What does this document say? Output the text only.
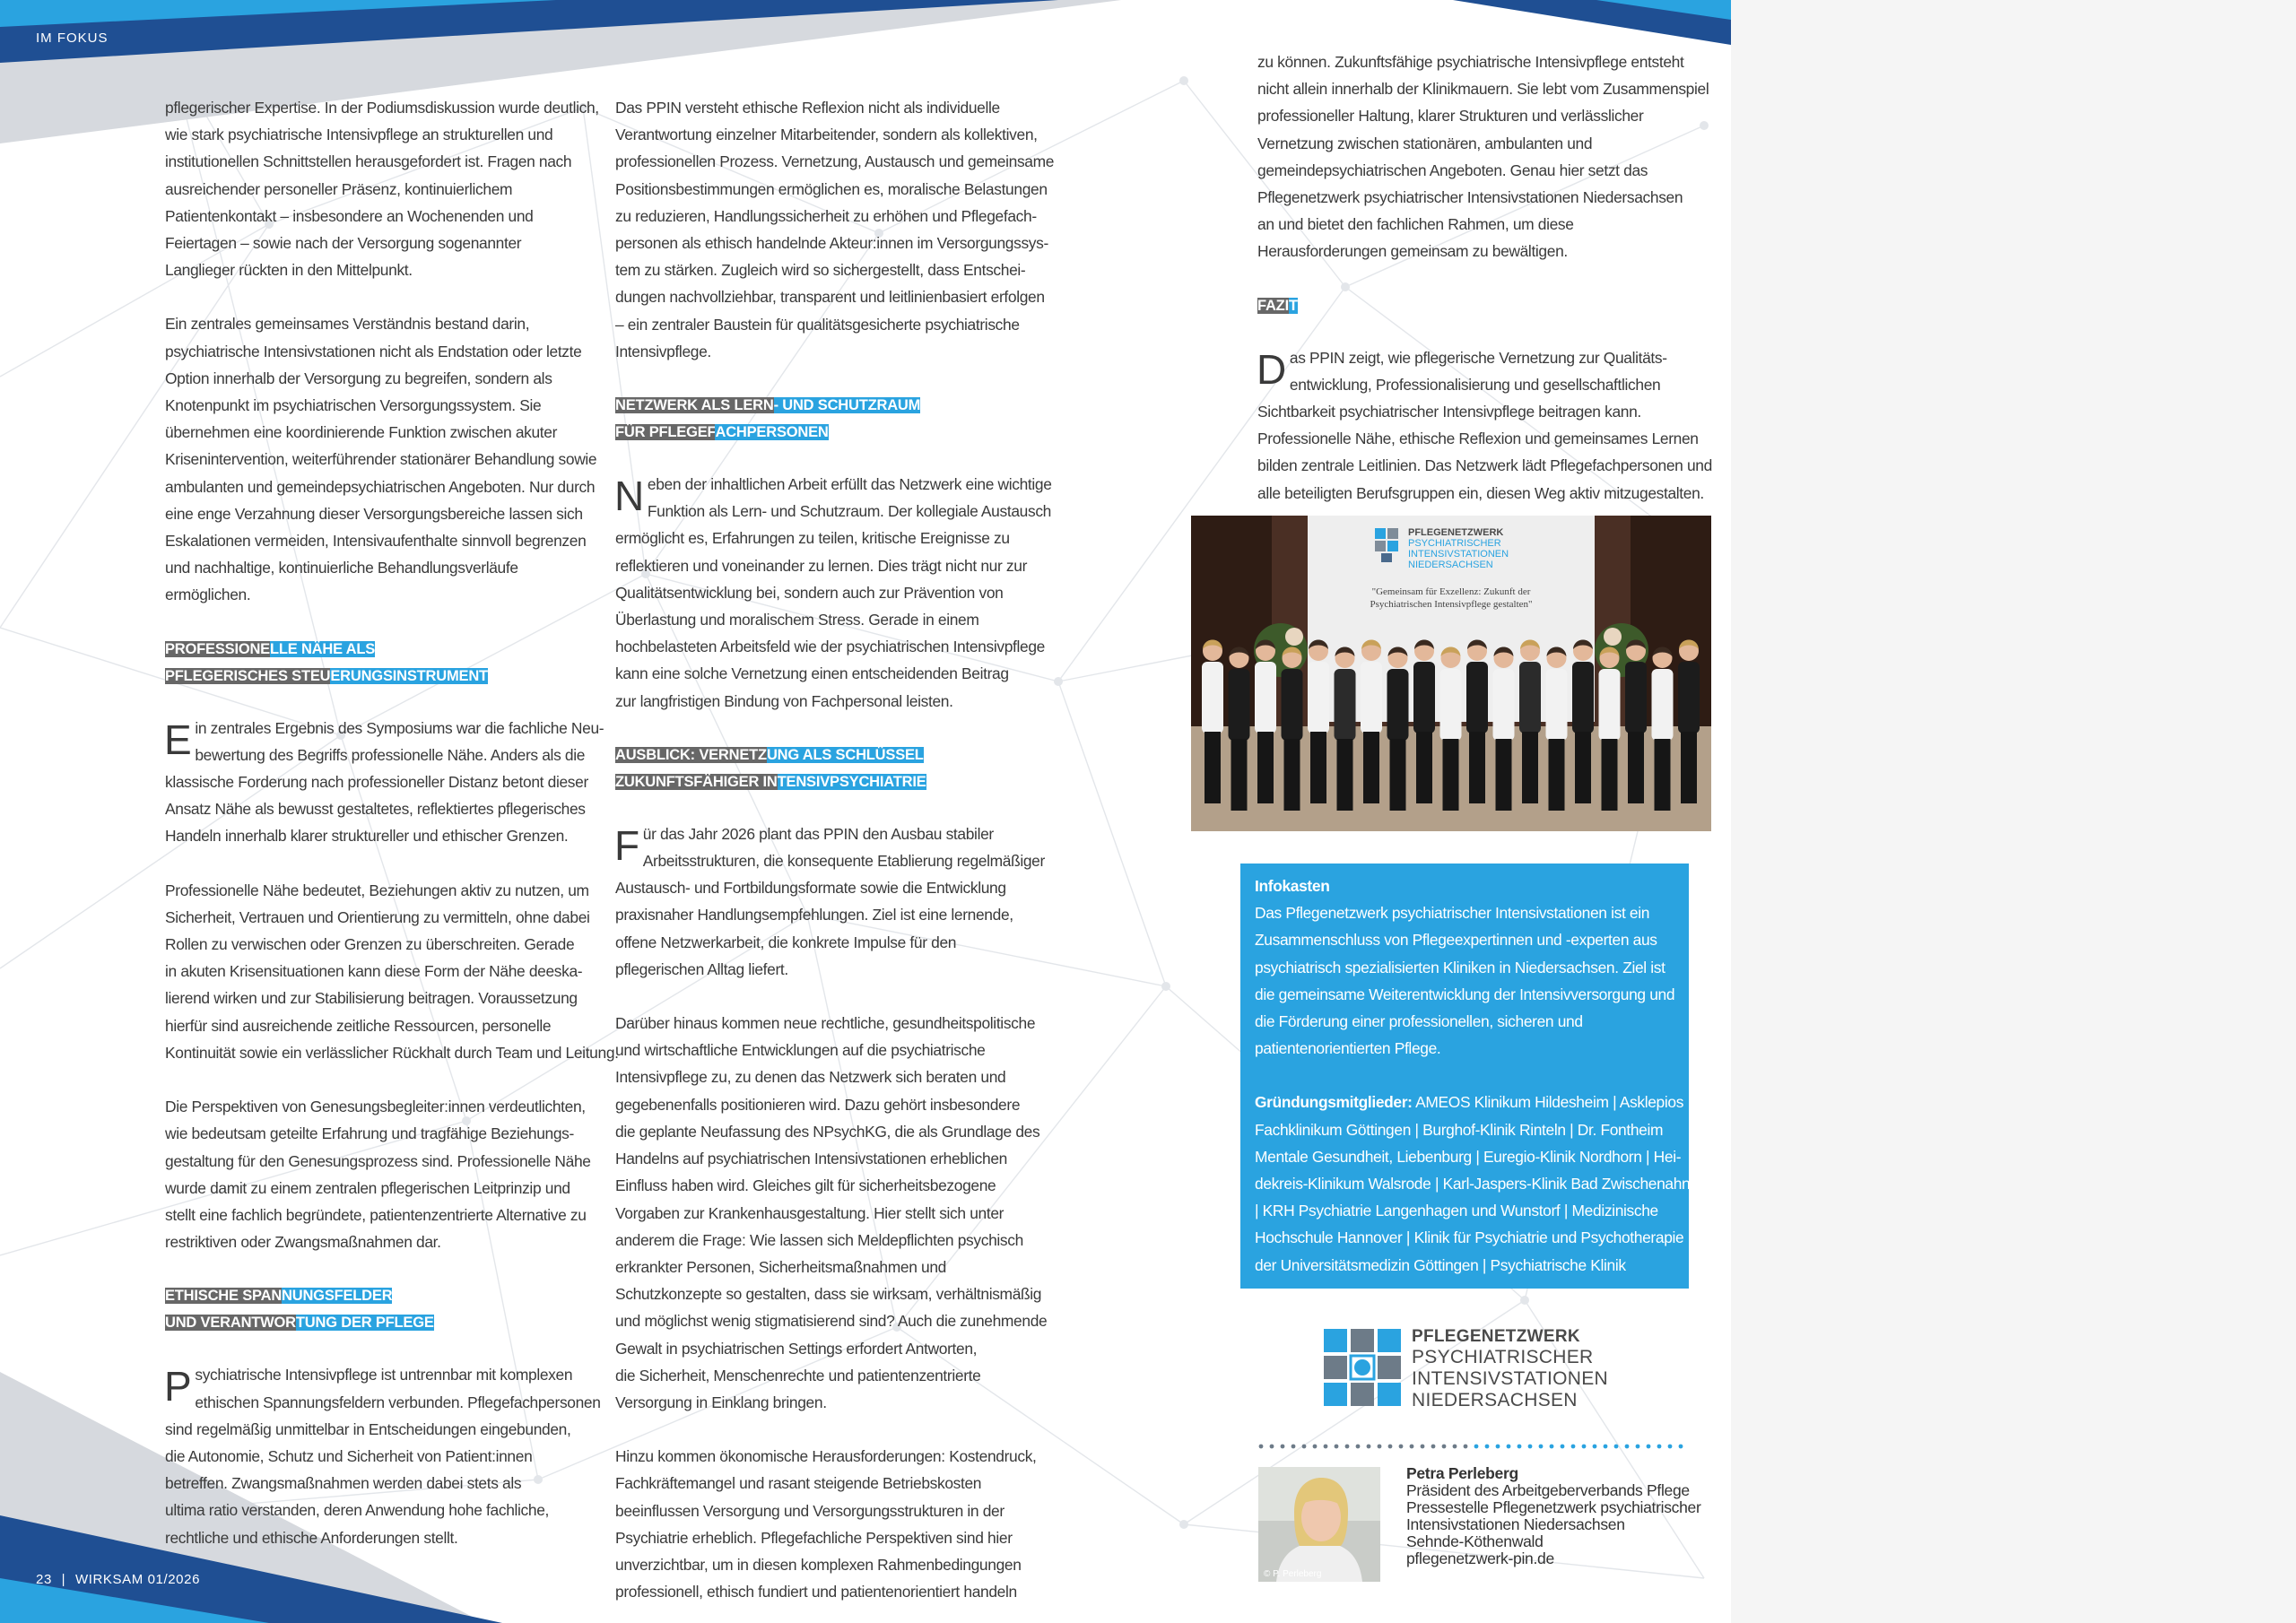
IM FOKUS

pflegerischer Expertise. In der Podiumsdiskussion wurde deutlich,
wie stark psychiatrische Intensivpflege an strukturellen und
institutionellen Schnittstellen herausgefordert ist. Fragen nach
ausreichender personeller Präsenz, kontinuierlichem
Patientenkontakt – insbesondere an Wochenenden und
Feiertagen – sowie nach der Versorgung sogenannter
Langlieger rückten in den Mittelpunkt.

Ein zentrales gemeinsames Verständnis bestand darin,
psychiatrische Intensivstationen nicht als Endstation oder letzte
Option innerhalb der Versorgung zu begreifen, sondern als
Knotenpunkt im psychiatrischen Versorgungssystem. Sie
übernehmen eine koordinierende Funktion zwischen akuter
Krisenintervention, weiterführender stationärer Behandlung sowie
ambulanten und gemeindepsychiatrischen Angeboten. Nur durch
eine enge Verzahnung dieser Versorgungsbereiche lassen sich
Eskalationen vermeiden, Intensivaufenthalte sinnvoll begrenzen
und nachhaltige, kontinuierliche Behandlungsverläufe
ermöglichen.

PROFESSIONELLE NÄHE ALS
PFLEGERISCHES STEUERUNGSINSTRUMENT

E in zentrales Ergebnis des Symposiums war die fachliche Neu-
bewertung des Begriffs professionelle Nähe. Anders als die
klassische Forderung nach professioneller Distanz betont dieser
Ansatz Nähe als bewusst gestaltetes, reflektiertes pflegerisches
Handeln innerhalb klarer struktureller und ethischer Grenzen.

Professionelle Nähe bedeutet, Beziehungen aktiv zu nutzen, um
Sicherheit, Vertrauen und Orientierung zu vermitteln, ohne dabei
Rollen zu verwischen oder Grenzen zu überschreiten. Gerade
in akuten Krisensituationen kann diese Form der Nähe deeska-
lierend wirken und zur Stabilisierung beitragen. Voraussetzung
hierfür sind ausreichende zeitliche Ressourcen, personelle
Kontinuität sowie ein verlässlicher Rückhalt durch Team und Leitung.

Die Perspektiven von Genesungsbegleiter:innen verdeutlichten,
wie bedeutsam geteilte Erfahrung und tragfähige Beziehungs-
gestaltung für den Genesungsprozess sind. Professionelle Nähe
wurde damit zu einem zentralen pflegerischen Leitprinzip und
stellt eine fachlich begründete, patientenzentrierte Alternative zu
restriktiven oder Zwangsmaßnahmen dar.

ETHISCHE SPANNUNGSFELDER
UND VERANTWORTUNG DER PFLEGE

P sychiatrische Intensivpflege ist untrennbar mit komplexen
ethischen Spannungsfeldern verbunden. Pflegefachpersonen
sind regelmäßig unmittelbar in Entscheidungen eingebunden,
die Autonomie, Schutz und Sicherheit von Patient:innen
betreffen. Zwangsmaßnahmen werden dabei stets als
ultima ratio verstanden, deren Anwendung hohe fachliche,
rechtliche und ethische Anforderungen stellt.

Das PPIN versteht ethische Reflexion nicht als individuelle
Verantwortung einzelner Mitarbeitender, sondern als kollektiven,
professionellen Prozess. Vernetzung, Austausch und gemeinsame
Positionsbestimmungen ermöglichen es, moralische Belastungen
zu reduzieren, Handlungssicherheit zu erhöhen und Pflegefach-
personen als ethisch handelnde Akteur:innen im Versorgungssys-
tem zu stärken. Zugleich wird so sichergestellt, dass Entschei-
dungen nachvollziehbar, transparent und leitlinienbasiert erfolgen
– ein zentraler Baustein für qualitätsgesicherte psychiatrische
Intensivpflege.

NETZWERK ALS LERN- UND SCHUTZRAUM
FÜR PFLEGEFACHPERSONEN

N eben der inhaltlichen Arbeit erfüllt das Netzwerk eine wichtige
Funktion als Lern- und Schutzraum. Der kollegiale Austausch
ermöglicht es, Erfahrungen zu teilen, kritische Ereignisse zu
reflektieren und voneinander zu lernen. Dies trägt nicht nur zur
Qualitätsentwicklung bei, sondern auch zur Prävention von
Überlastung und moralischem Stress. Gerade in einem
hochbelasteten Arbeitsfeld wie der psychiatrischen Intensivpflege
kann eine solche Vernetzung einen entscheidenden Beitrag
zur langfristigen Bindung von Fachpersonal leisten.

AUSBLICK: VERNETZUNG ALS SCHLÜSSEL
ZUKUNFTSFÄHIGER INTENSIVPSYCHIATRIE

F ür das Jahr 2026 plant das PPIN den Ausbau stabiler
Arbeitsstrukturen, die konsequente Etablierung regelmäßiger
Austausch- und Fortbildungsformate sowie die Entwicklung
praxisnaher Handlungsempfehlungen. Ziel ist eine lernende,
offene Netzwerkarbeit, die konkrete Impulse für den
pflegerischen Alltag liefert.

Darüber hinaus kommen neue rechtliche, gesundheitspolitische
und wirtschaftliche Entwicklungen auf die psychiatrische
Intensivpflege zu, zu denen das Netzwerk sich beraten und
gegebenenfalls positionieren wird. Dazu gehört insbesondere
die geplante Neufassung des NPsychKG, die als Grundlage des
Handelns auf psychiatrischen Intensivstationen erheblichen
Einfluss haben wird. Gleiches gilt für sicherheitsbezogene
Vorgaben zur Krankenhausgestaltung. Hier stellt sich unter
anderem die Frage: Wie lassen sich Meldepflichten psychisch
erkrankter Personen, Sicherheitsmaßnahmen und
Schutzkonzepte so gestalten, dass sie wirksam, verhältnismäßig
und möglichst wenig stigmatisierend sind? Auch die zunehmende
Gewalt in psychiatrischen Settings erfordert Antworten,
die Sicherheit, Menschenrechte und patientenzentrierte
Versorgung in Einklang bringen.

Hinzu kommen ökonomische Herausforderungen: Kostendruck,
Fachkräftemangel und rasant steigende Betriebskosten
beeinflussen Versorgung und Versorgungsstrukturen in der
Psychiatrie erheblich. Pflegefachliche Perspektiven sind hier
unverzichtbar, um in diesen komplexen Rahmenbedingungen
professionell, ethisch fundiert und patientenorientiert handeln

zu können. Zukunftsfähige psychiatrische Intensivpflege entsteht
nicht allein innerhalb der Klinikmauern. Sie lebt vom Zusammenspiel
professioneller Haltung, klarer Strukturen und verlässlicher
Vernetzung zwischen stationären, ambulanten und
gemeindepsychiatrischen Angeboten. Genau hier setzt das
Pflegenetzwerk psychiatrischer Intensivstationen Niedersachsen
an und bietet den fachlichen Rahmen, um diese
Herausforderungen gemeinsam zu bewältigen.

FAZIT

D as PPIN zeigt, wie pflegerische Vernetzung zur Qualitäts-
entwicklung, Professionalisierung und gesellschaftlichen
Sichtbarkeit psychiatrischer Intensivpflege beitragen kann.
Professionelle Nähe, ethische Reflexion und gemeinsames Lernen
bilden zentrale Leitlinien. Das Netzwerk lädt Pflegefachpersonen und
alle beteiligten Berufsgruppen ein, diesen Weg aktiv mitzugestalten.

PFLEGENETZWERK
PSYCHIATRISCHER
INTENSIVSTATIONEN
NIEDERSACHSEN
"Gemeinsam für Exzellenz: Zukunft der
Psychiatrischen Intensivpflege gestalten"
Infokasten
Das Pflegenetzwerk psychiatrischer Intensivstationen ist ein
Zusammenschluss von Pflegeexpertinnen und -experten aus
psychiatrisch spezialisierten Kliniken in Niedersachsen. Ziel ist
die gemeinsame Weiterentwicklung der Intensivversorgung und
die Förderung einer professionellen, sicheren und
patientenorientierten Pflege.
Gründungsmitglieder: AMEOS Klinikum Hildesheim | Asklepios
Fachklinikum Göttingen | Burghof-Klinik Rinteln | Dr. Fontheim
Mentale Gesundheit, Liebenburg | Euregio-Klinik Nordhorn | Hei-
dekreis-Klinikum Walsrode | Karl-Jaspers-Klinik Bad Zwischenahn
| KRH Psychiatrie Langenhagen und Wunstorf | Medizinische
Hochschule Hannover | Klinik für Psychiatrie und Psychotherapie
der Universitätsmedizin Göttingen | Psychiatrische Klinik
PFLEGENETZWERK
PSYCHIATRISCHER
INTENSIVSTATIONEN
NIEDERSACHSEN
© P. Perleberg
Petra Perleberg
Präsident des Arbeitgeberverbands Pflege
Pressestelle Pflegenetzwerk psychiatrischer
Intensivstationen Niedersachsen
Sehnde-Köthenwald
pflegenetzwerk-pin.de
23 | WIRKSAM 01/2026
